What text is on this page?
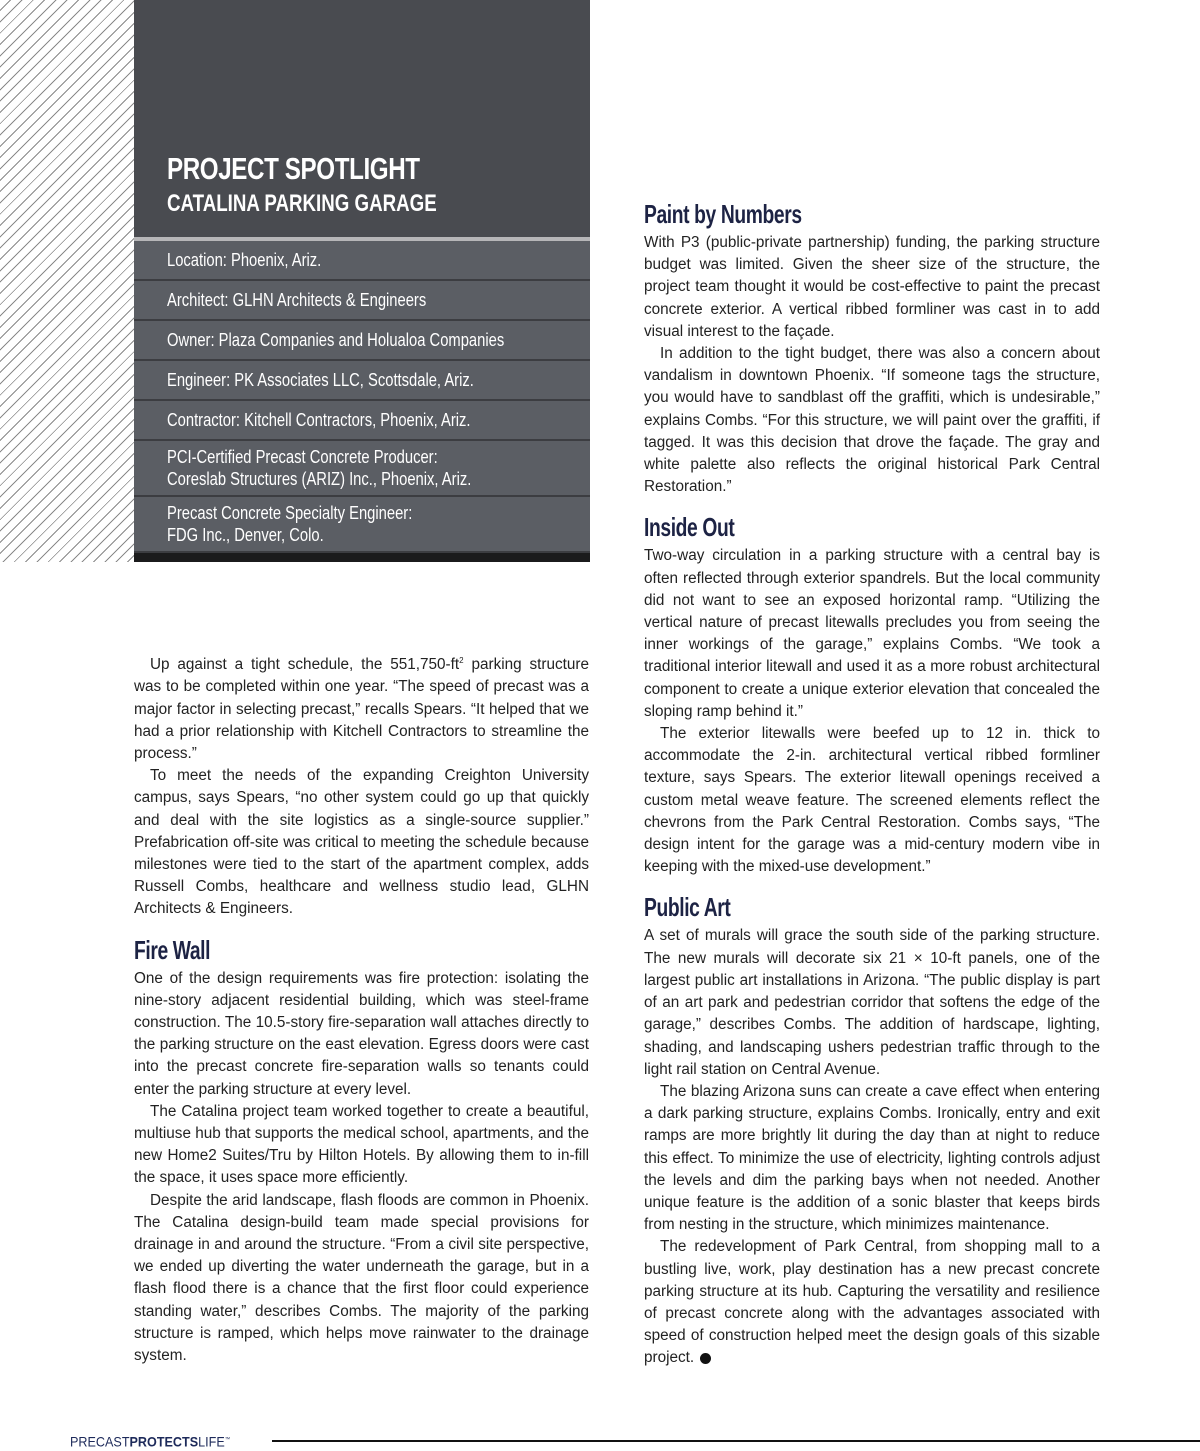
PROJECT SPOTLIGHT
CATALINA PARKING GARAGE
Location: Phoenix, Ariz.
Architect: GLHN Architects & Engineers
Owner: Plaza Companies and Holualoa Companies
Engineer: PK Associates LLC, Scottsdale, Ariz.
Contractor: Kitchell Contractors, Phoenix, Ariz.
PCI-Certified Precast Concrete Producer:
Coreslab Structures (ARIZ) Inc., Phoenix, Ariz.
Precast Concrete Specialty Engineer:
FDG Inc., Denver, Colo.

Up against a tight schedule, the $551,750-ft^2$ parking structure was to be completed within one year. “The speed of precast was a major factor in selecting precast,” recalls Spears. “It helped that we had a prior relationship with Kitchell Contractors to streamline the process.”

To meet the needs of the expanding Creighton University campus, says Spears, “no other system could go up that quickly and deal with the site logistics as a single-source supplier.” Prefabrication off-site was critical to meeting the schedule because milestones were tied to the start of the apartment complex, adds Russell Combs, healthcare and wellness studio lead, GLHN Architects & Engineers.

Fire Wall

One of the design requirements was fire protection: isolating the nine-story adjacent residential building, which was steel-frame construction. The 10.5-story fire-separation wall attaches directly to the parking structure on the east elevation. Egress doors were cast into the precast concrete fire-separation walls so tenants could enter the parking structure at every level.

The Catalina project team worked together to create a beautiful, multiuse hub that supports the medical school, apartments, and the new Home2 Suites/Tru by Hilton Hotels. By allowing them to in-fill the space, it uses space more efficiently.

Despite the arid landscape, flash floods are common in Phoenix. The Catalina design-build team made special provisions for drainage in and around the structure. “From a civil site perspective, we ended up diverting the water underneath the garage, but in a flash flood there is a chance that the first floor could experience standing water,” describes Combs. The majority of the parking structure is ramped, which helps move rainwater to the drainage system.

Paint by Numbers

With P3 (public-private partnership) funding, the parking structure budget was limited. Given the sheer size of the structure, the project team thought it would be cost-effective to paint the precast concrete exterior. A vertical ribbed formliner was cast in to add visual interest to the façade.

In addition to the tight budget, there was also a concern about vandalism in downtown Phoenix. “If someone tags the structure, you would have to sandblast off the graffiti, which is undesirable,” explains Combs. “For this structure, we will paint over the graffiti, if tagged. It was this decision that drove the façade. The gray and white palette also reflects the original historical Park Central Restoration.”

Inside Out

Two-way circulation in a parking structure with a central bay is often reflected through exterior spandrels. But the local community did not want to see an exposed horizontal ramp. “Utilizing the vertical nature of precast litewalls precludes you from seeing the inner workings of the garage,” explains Combs. “We took a traditional interior litewall and used it as a more robust architectural component to create a unique exterior elevation that concealed the sloping ramp behind it.”

The exterior litewalls were beefed up to 12 in. thick to accommodate the 2-in. architectural vertical ribbed formliner texture, says Spears. The exterior litewall openings received a custom metal weave feature. The screened elements reflect the chevrons from the Park Central Restoration. Combs says, “The design intent for the garage was a mid-century modern vibe in keeping with the mixed-use development.”

Public Art

A set of murals will grace the south side of the parking structure. The new murals will decorate six 21 × 10-ft panels, one of the largest public art installations in Arizona. “The public display is part of an art park and pedestrian corridor that softens the edge of the garage,” describes Combs. The addition of hardscape, lighting, shading, and landscaping ushers pedestrian traffic through to the light rail station on Central Avenue.

The blazing Arizona suns can create a cave effect when entering a dark parking structure, explains Combs. Ironically, entry and exit ramps are more brightly lit during the day than at night to reduce this effect. To minimize the use of electricity, lighting controls adjust the levels and dim the parking bays when not needed. Another unique feature is the addition of a sonic blaster that keeps birds from nesting in the structure, which minimizes maintenance.

The redevelopment of Park Central, from shopping mall to a bustling live, work, play destination has a new precast concrete parking structure at its hub. Capturing the versatility and resilience of precast concrete along with the advantages associated with speed of construction helped meet the design goals of this sizable project.

PRECASTPROTECTSLIFE™
